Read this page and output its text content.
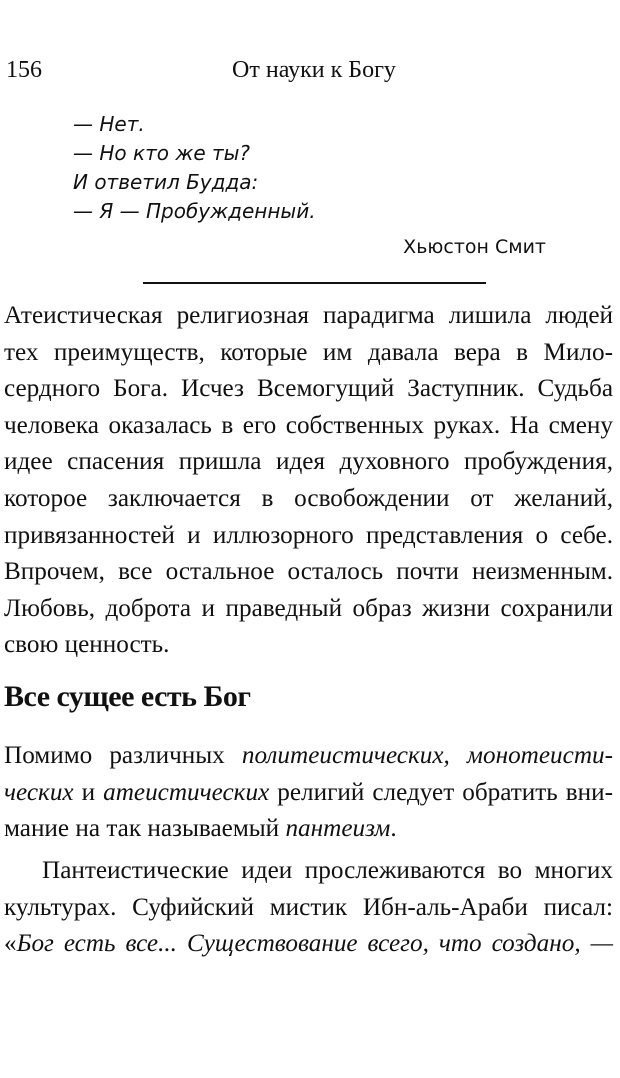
156	От науки к Богу
— Нет.
— Но кто же ты?
И ответил Будда:
— Я — Пробужденный.
Хьюстон Смит
Атеистическая религиозная парадигма лишила людей
тех преимуществ, которые им давала вера в Мило-
сердного Бога. Исчез Всемогущий Заступник. Судьба
человека оказалась в его собственных руках. На смену
идее спасения пришла идея духовного пробуждения,
которое заключается в освобождении от желаний,
привязанностей и иллюзорного представления о себе.
Впрочем, все остальное осталось почти неизменным.
Любовь, доброта и праведный образ жизни сохранили
свою ценность.
Все сущее есть Бог
Помимо различных политеистических, монотеисти-
ческих и атеистических религий следует обратить вни-
мание на так называемый пантеизм.
Пантеистические идеи прослеживаются во многих
культурах. Суфийский мистик Ибн-аль-Араби писал:
«Бог есть все... Существование всего, что создано, —
